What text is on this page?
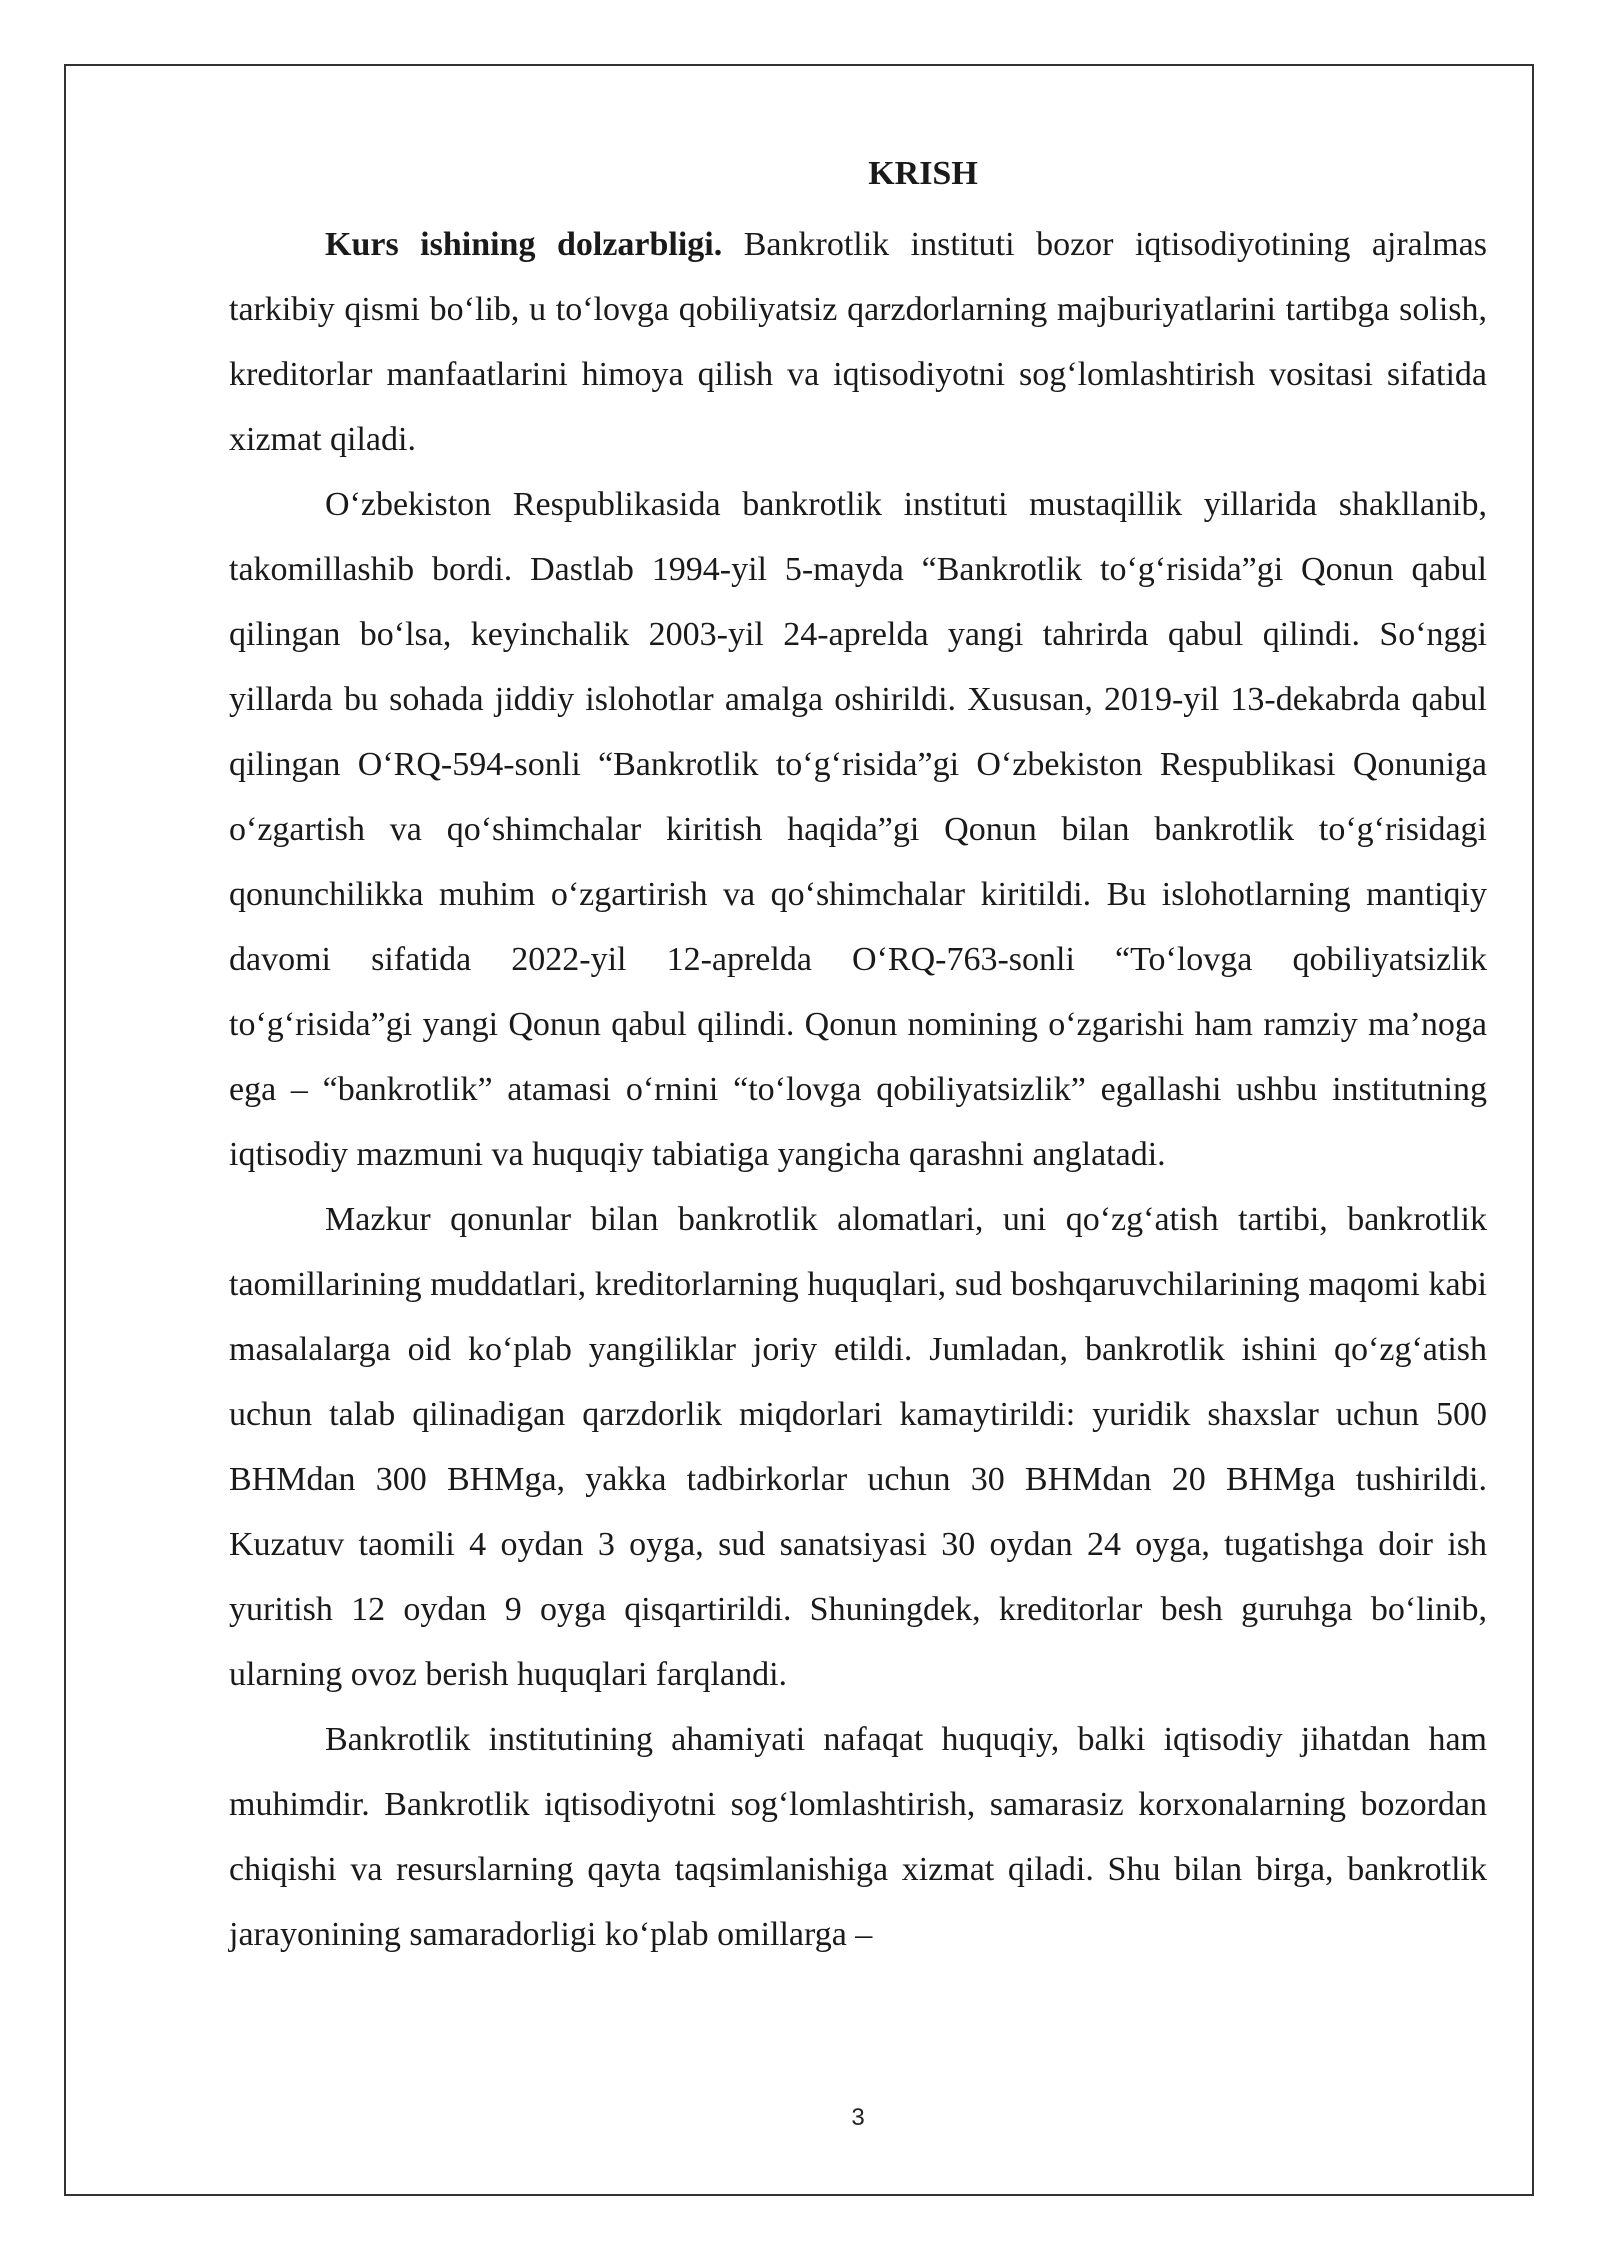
KRISH

Kurs ishining dolzarbligi. Bankrotlik instituti bozor iqtisodiyotining ajralmas tarkibiy qismi bo‘lib, u to‘lovga qobiliyatsiz qarzdorlarning majburiyatlarini tartibga solish, kreditorlar manfaatlarini himoya qilish va iqtisodiyotni sog‘lomlashtirish vositasi sifatida xizmat qiladi.

O‘zbekiston Respublikasida bankrotlik instituti mustaqillik yillarida shakllanib, takomillashib bordi. Dastlab 1994-yil 5-mayda “Bankrotlik to‘g‘risida”gi Qonun qabul qilingan bo‘lsa, keyinchalik 2003-yil 24-aprelda yangi tahrirda qabul qilindi. So‘nggi yillarda bu sohada jiddiy islohotlar amalga oshirildi. Xususan, 2019-yil 13-dekabrda qabul qilingan O‘RQ-594-sonli “Bankrotlik to‘g‘risida”gi O‘zbekiston Respublikasi Qonuniga o‘zgartish va qo‘shimchalar kiritish haqida”gi Qonun bilan bankrotlik to‘g‘risidagi qonunchilikka muhim o‘zgartirish va qo‘shimchalar kiritildi. Bu islohotlarning mantiqiy davomi sifatida 2022-yil 12-aprelda O‘RQ-763-sonli “To‘lovga qobiliyatsizlik to‘g‘risida”gi yangi Qonun qabul qilindi. Qonun nomining o‘zgarishi ham ramziy ma’noga ega – “bankrotlik” atamasi o‘rnini “to‘lovga qobiliyatsizlik” egallashi ushbu institutning iqtisodiy mazmuni va huquqiy tabiatiga yangicha qarashni anglatadi.

Mazkur qonunlar bilan bankrotlik alomatlari, uni qo‘zg‘atish tartibi, bankrotlik taomillarining muddatlari, kreditorlarning huquqlari, sud boshqaruvchilarining maqomi kabi masalalarga oid ko‘plab yangiliklar joriy etildi. Jumladan, bankrotlik ishini qo‘zg‘atish uchun talab qilinadigan qarzdorlik miqdorlari kamaytirildi: yuridik shaxslar uchun 500 BHMdan 300 BHMga, yakka tadbirkorlar uchun 30 BHMdan 20 BHMga tushirildi. Kuzatuv taomili 4 oydan 3 oyga, sud sanatsiyasi 30 oydan 24 oyga, tugatishga doir ish yuritish 12 oydan 9 oyga qisqartirildi. Shuningdek, kreditorlar besh guruhga bo‘linib, ularning ovoz berish huquqlari farqlandi.

Bankrotlik institutining ahamiyati nafaqat huquqiy, balki iqtisodiy jihatdan ham muhimdir. Bankrotlik iqtisodiyotni sog‘lomlashtirish, samarasiz korxonalarning bozordan chiqishi va resurslarning qayta taqsimlanishiga xizmat qiladi. Shu bilan birga, bankrotlik jarayonining samaradorligi ko‘plab omillarga –

3
